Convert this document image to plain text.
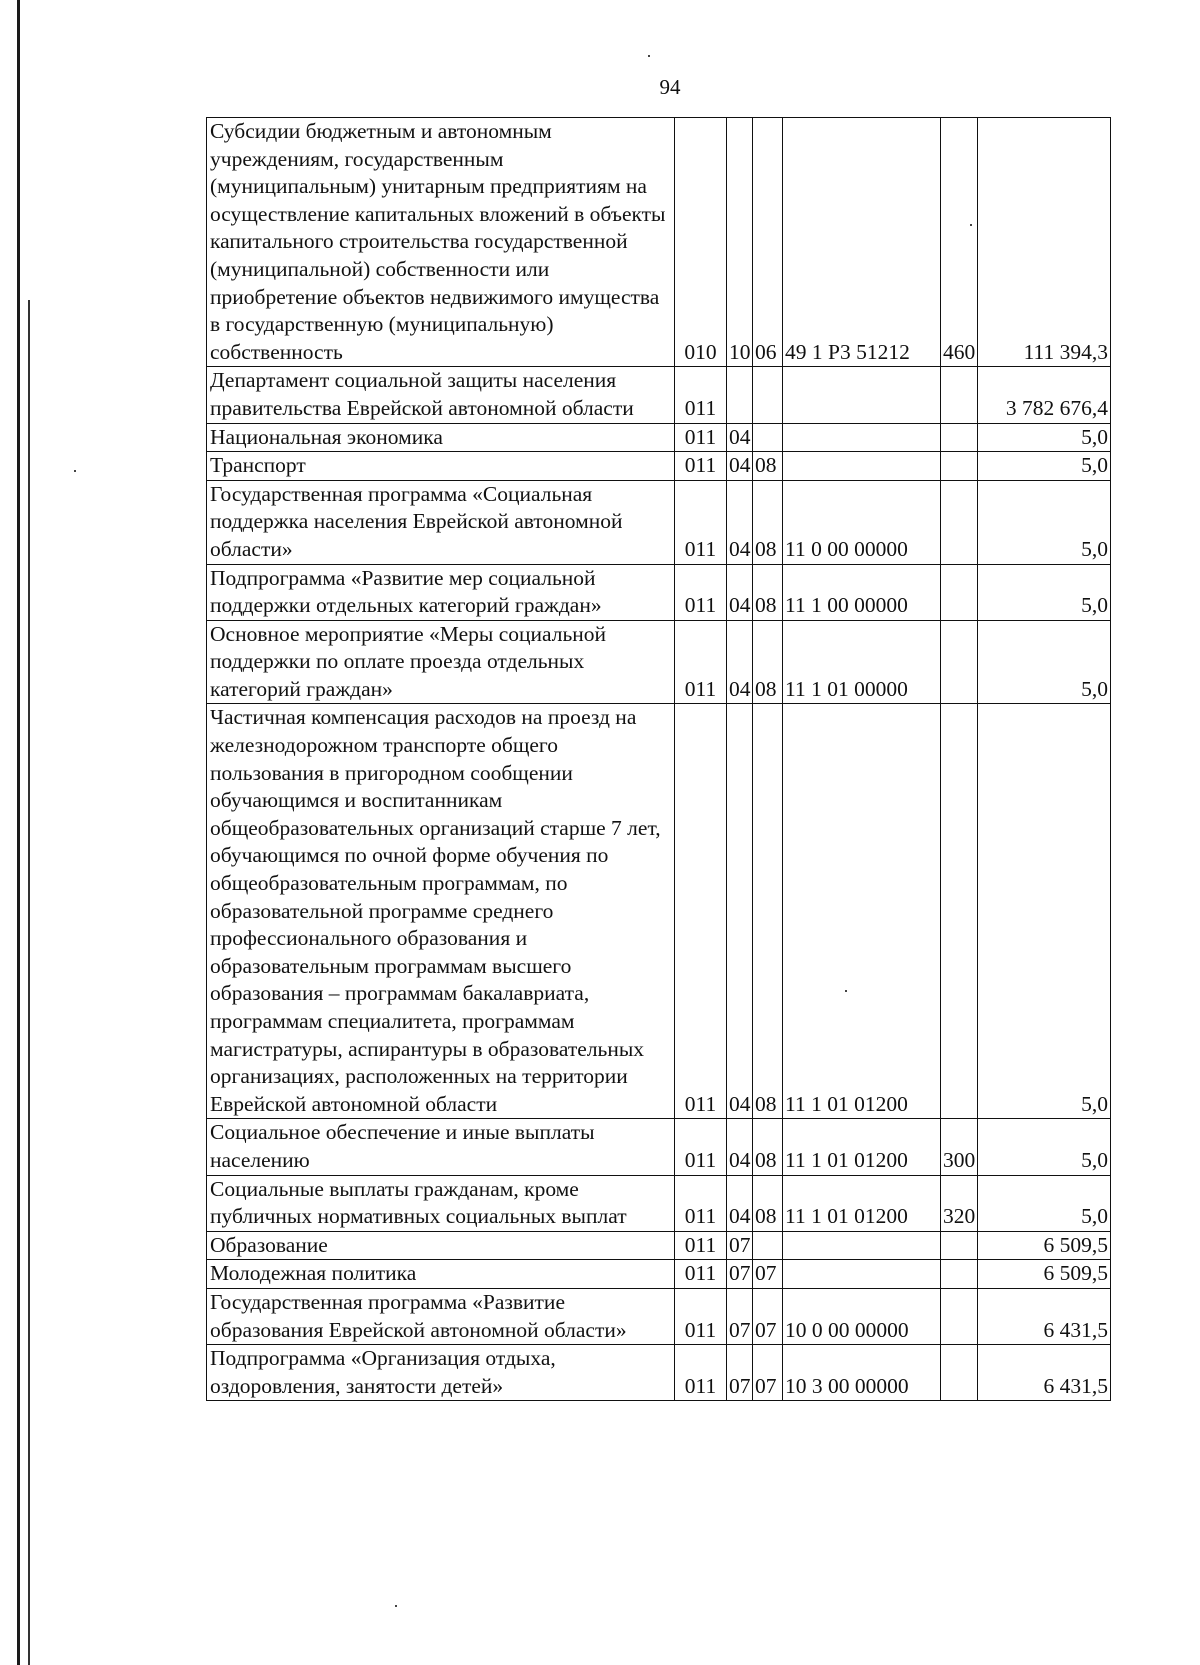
94
Субсидии бюджетным и автономным учреждениям, государственным (муниципальным) унитарным предприятиям на осуществление капитальных вложений в объекты капитального строительства государственной (муниципальной) собственности или приобретение объектов недвижимого имущества в государственную (муниципальную) собственность	010	10	06	49 1 P3 51212	460	111 394,3
Департамент социальной защиты населения правительства Еврейской автономной области	011					3 782 676,4
Национальная экономика	011	04				5,0
Транспорт	011	04	08			5,0
Государственная программа «Социальная поддержка населения Еврейской автономной области»	011	04	08	11 0 00 00000		5,0
Подпрограмма «Развитие мер социальной поддержки отдельных категорий граждан»	011	04	08	11 1 00 00000		5,0
Основное мероприятие «Меры социальной поддержки по оплате проезда отдельных категорий граждан»	011	04	08	11 1 01 00000		5,0
Частичная компенсация расходов на проезд на железнодорожном транспорте общего пользования в пригородном сообщении обучающимся и воспитанникам общеобразовательных организаций старше 7 лет, обучающимся по очной форме обучения по общеобразовательным программам, по образовательной программе среднего профессионального образования и образовательным программам высшего образования – программам бакалавриата, программам специалитета, программам магистратуры, аспирантуры в образовательных организациях, расположенных на территории Еврейской автономной области	011	04	08	11 1 01 01200		5,0
Социальное обеспечение и иные выплаты населению	011	04	08	11 1 01 01200	300	5,0
Социальные выплаты гражданам, кроме публичных нормативных социальных выплат	011	04	08	11 1 01 01200	320	5,0
Образование	011	07				6 509,5
Молодежная политика	011	07	07			6 509,5
Государственная программа «Развитие образования Еврейской автономной области»	011	07	07	10 0 00 00000		6 431,5
Подпрограмма «Организация отдыха, оздоровления, занятости детей»	011	07	07	10 3 00 00000		6 431,5
